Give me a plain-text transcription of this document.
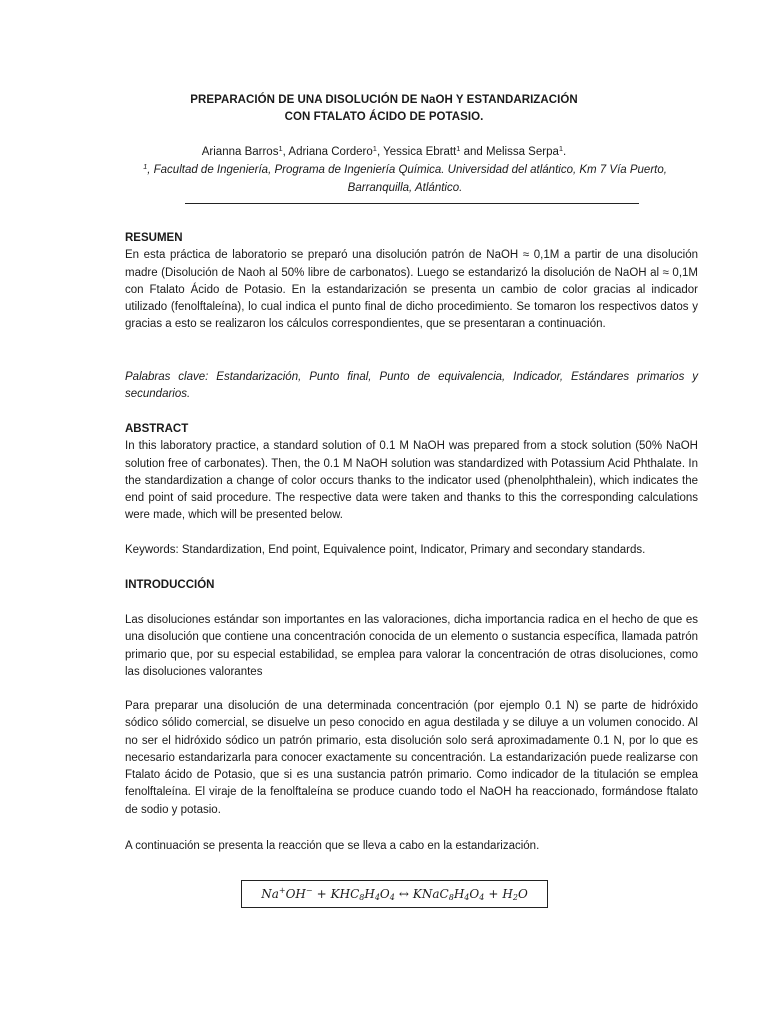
PREPARACIÓN DE UNA DISOLUCIÓN DE NaOH Y ESTANDARIZACIÓN
CON FTALATO ÁCIDO DE POTASIO.
Arianna Barros$^1$, Adriana Cordero$^1$, Yessica Ebratt$^1$ and Melissa Serpa$^1$.
$^1$, Facultad de Ingeniería, Programa de Ingeniería Química. Universidad del atlántico, Km 7 Vía Puerto, Barranquilla, Atlántico.
RESUMEN

En esta práctica de laboratorio se preparó una disolución patrón de NaOH ≈ 0,1M a partir de una disolución madre (Disolución de Naoh al 50% libre de carbonatos). Luego se estandarizó la disolución de NaOH al ≈ 0,1M con Ftalato Ácido de Potasio. En la estandarización se presenta un cambio de color gracias al indicador utilizado (fenolftaleína), lo cual indica el punto final de dicho procedimiento. Se tomaron los respectivos datos y gracias a esto se realizaron los cálculos correspondientes, que se presentaran a continuación.

Palabras clave: Estandarización, Punto final, Punto de equivalencia, Indicador, Estándares primarios y secundarios.

ABSTRACT

In this laboratory practice, a standard solution of 0.1 M NaOH was prepared from a stock solution (50% NaOH solution free of carbonates). Then, the 0.1 M NaOH solution was standardized with Potassium Acid Phthalate. In the standardization a change of color occurs thanks to the indicator used (phenolphthalein), which indicates the end point of said procedure. The respective data were taken and thanks to this the corresponding calculations were made, which will be presented below.

Keywords: Standardization, End point, Equivalence point, Indicator, Primary and secondary standards.

INTRODUCCIÓN

Las disoluciones estándar son importantes en las valoraciones, dicha importancia radica en el hecho de que es una disolución que contiene una concentración conocida de un elemento o sustancia específica, llamada patrón primario que, por su especial estabilidad, se emplea para valorar la concentración de otras disoluciones, como las disoluciones valorantes

Para preparar una disolución de una determinada concentración (por ejemplo 0.1 N) se parte de hidróxido sódico sólido comercial, se disuelve un peso conocido en agua destilada y se diluye a un volumen conocido. Al no ser el hidróxido sódico un patrón primario, esta disolución solo será aproximadamente 0.1 N, por lo que es necesario estandarizarla para conocer exactamente su concentración. La estandarización puede realizarse con Ftalato ácido de Potasio, que si es una sustancia patrón primario. Como indicador de la titulación se emplea fenolftaleína. El viraje de la fenolftaleína se produce cuando todo el NaOH ha reaccionado, formándose ftalato de sodio y potasio.

A continuación se presenta la reacción que se lleva a cabo en la estandarización.

$Na^+OH^- + KHC_8H_4O_4$ ↔ $KNaC_8H_4O_4 + H_2O$
